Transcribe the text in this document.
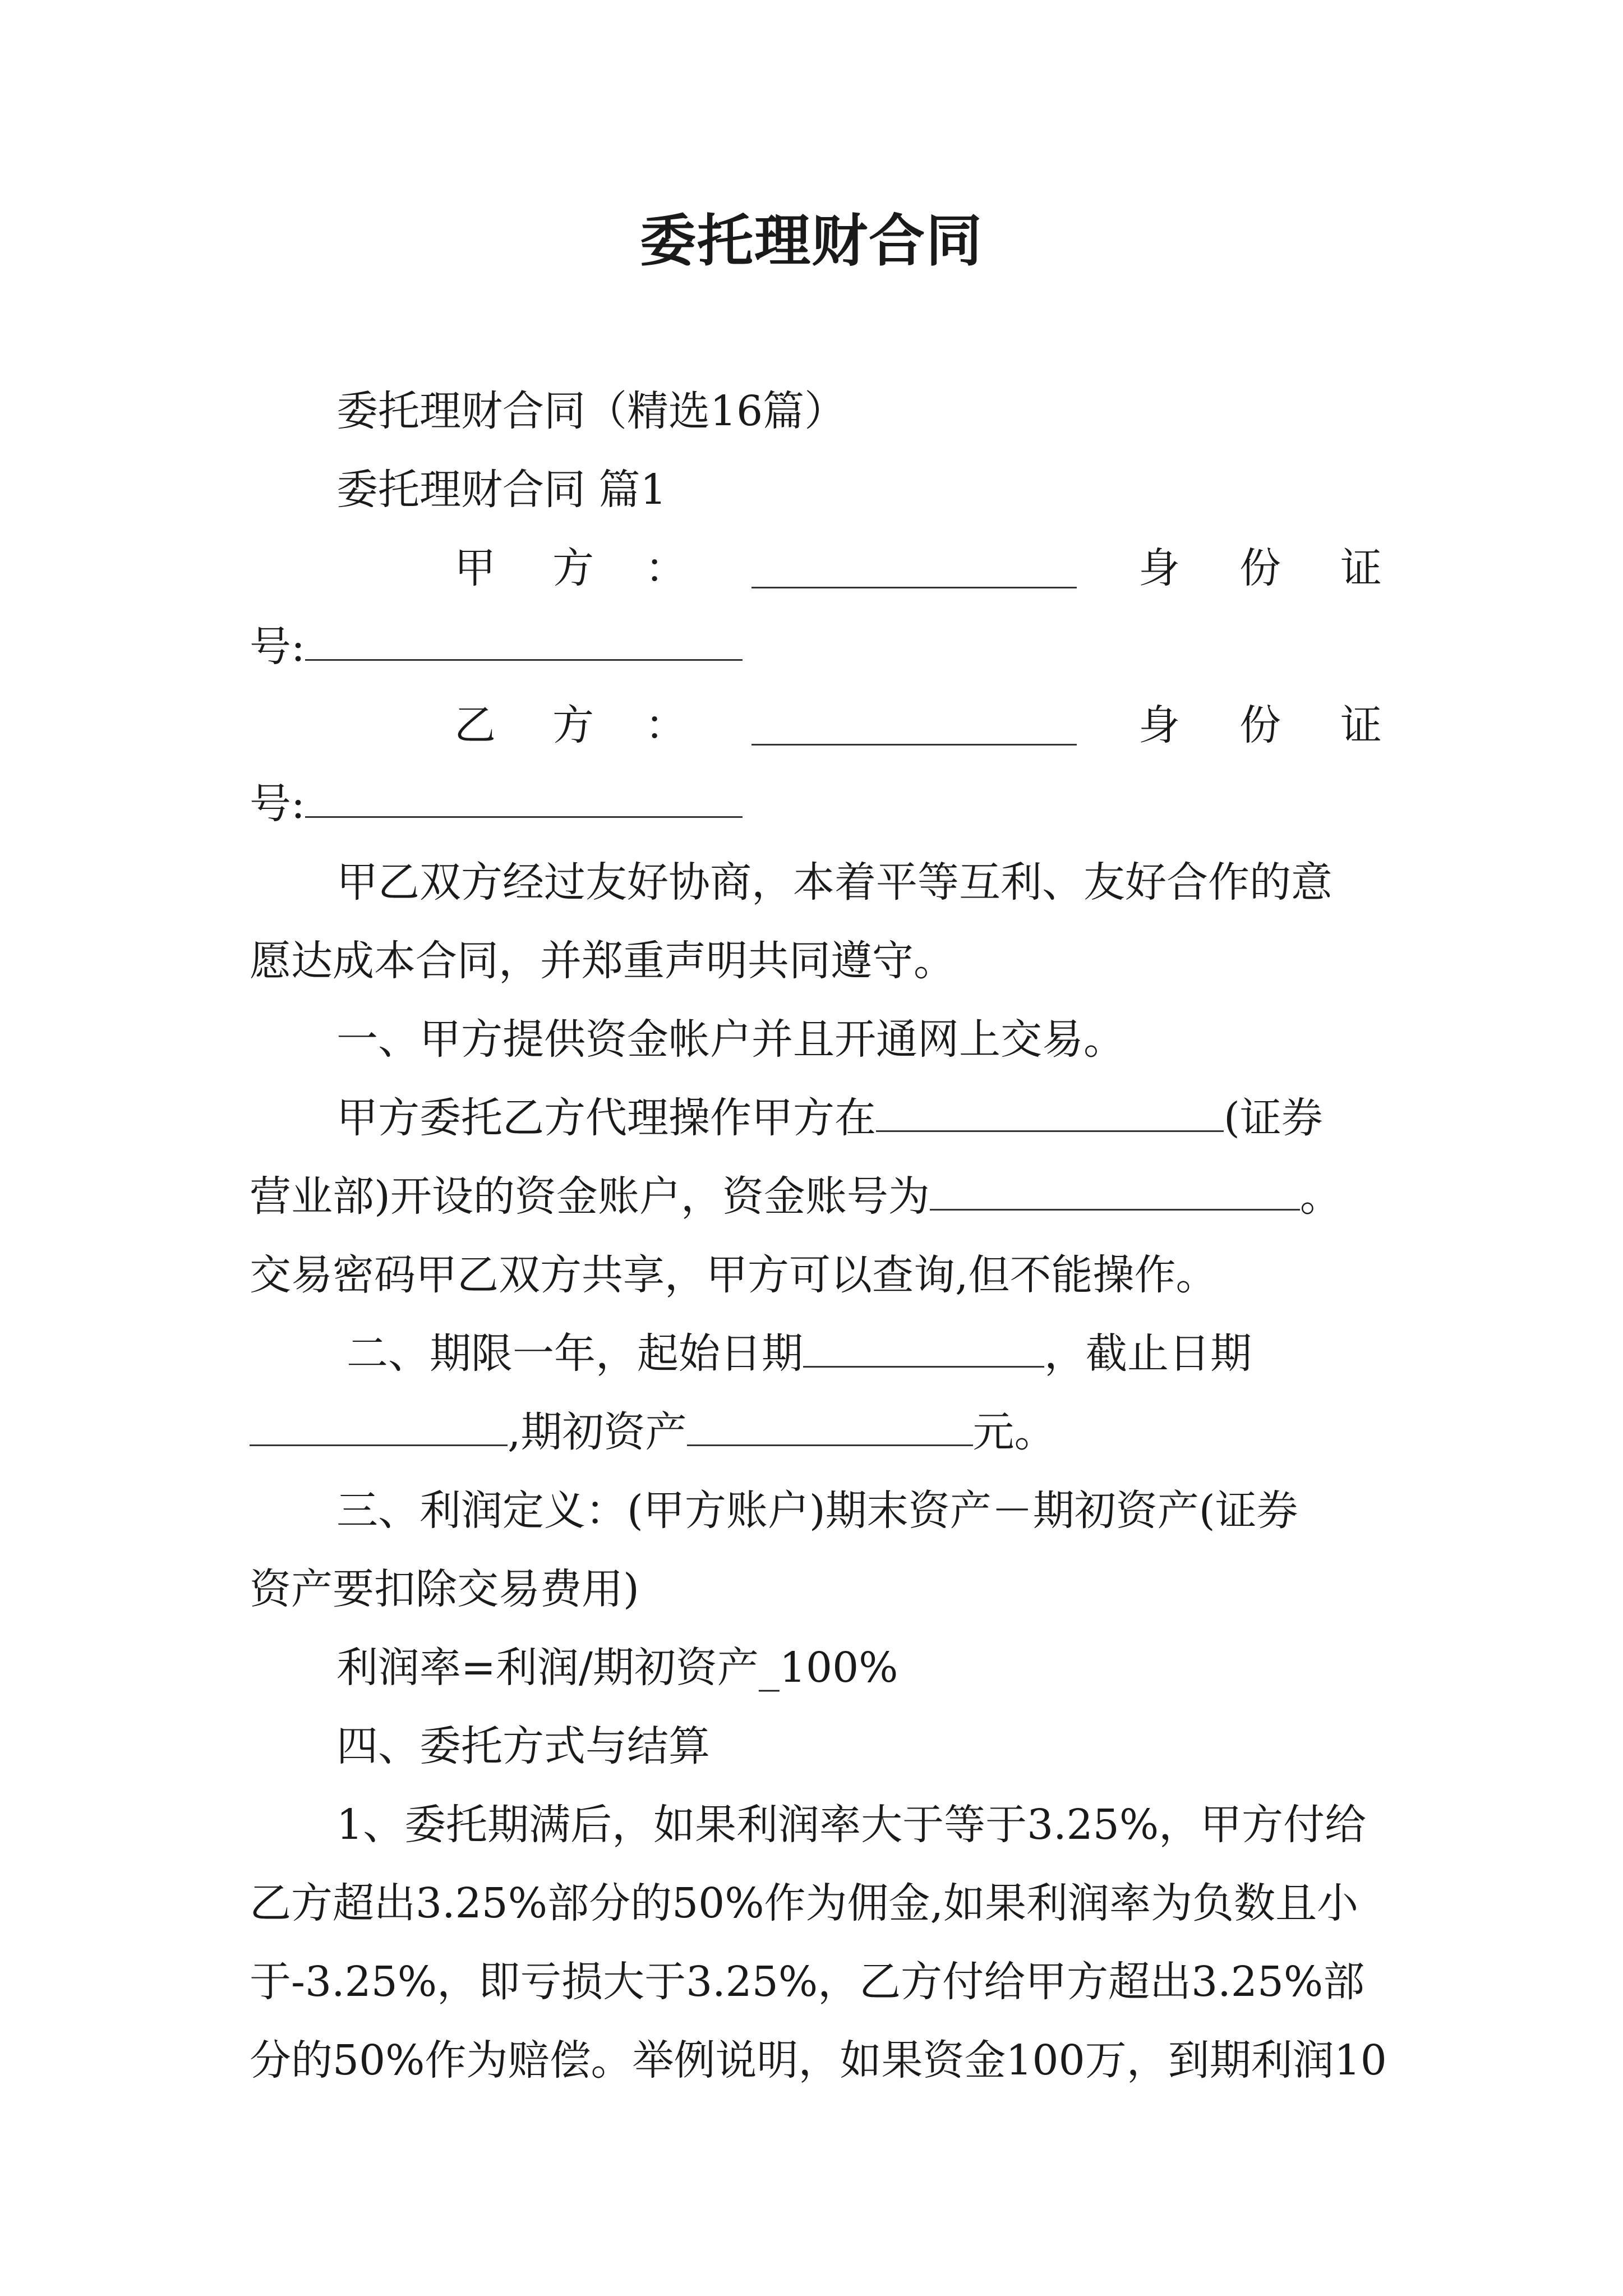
委托理财合同
委托理财合同（精选16篇）
委托理财合同 篇1
甲 方 ：	身 份 证
号:
乙 方 ：	身 份 证
号:
甲乙双方经过友好协商，本着平等互利、友好合作的意
愿达成本合同，并郑重声明共同遵守。
一、甲方提供资金帐户并且开通网上交易。
甲方委托乙方代理操作甲方在	(证券
营业部)开设的资金账户，资金账号为	。
交易密码甲乙双方共享，甲方可以查询,但不能操作。
二、期限一年，起始日期	，截止日期
,期初资产	元。
三、利润定义：(甲方账户)期末资产－期初资产(证券
资产要扣除交易费用)
利润率=利润/期初资产_100%
四、委托方式与结算
1、委托期满后，如果利润率大于等于3.25%，甲方付给
乙方超出3.25%部分的50%作为佣金,如果利润率为负数且小
于-3.25%，即亏损大于3.25%，乙方付给甲方超出3.25%部
分的50%作为赔偿。举例说明，如果资金100万，到期利润10
